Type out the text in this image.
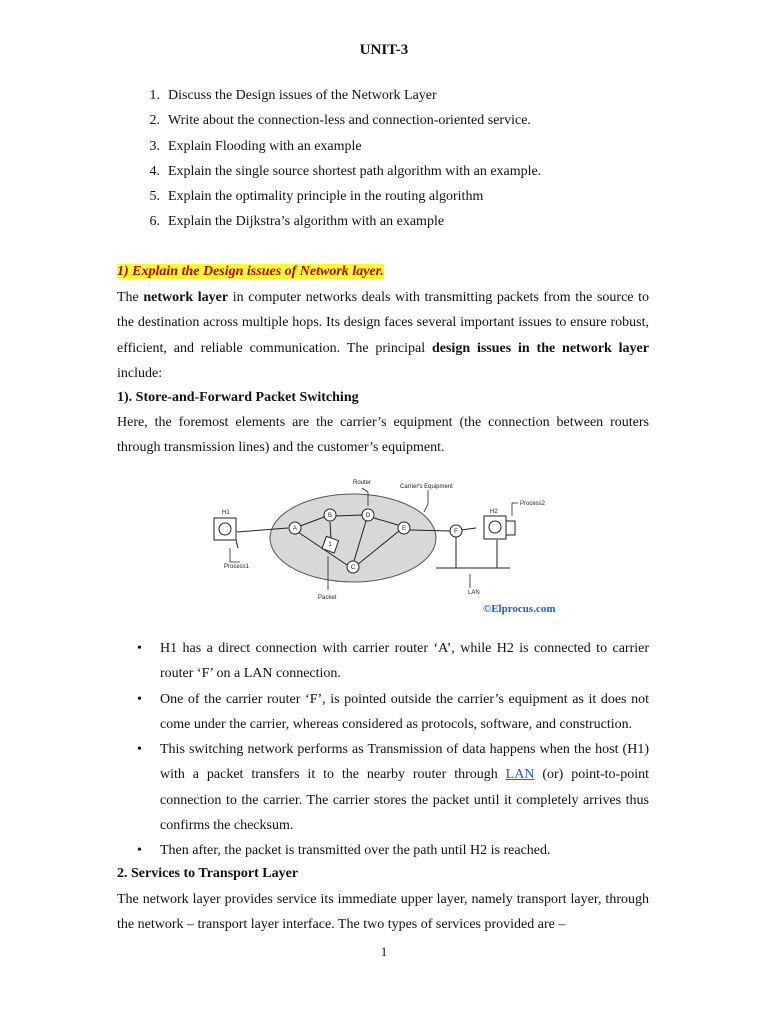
UNIT-3
1. Discuss the Design issues of the Network Layer
2. Write about the connection-less and connection-oriented service.
3. Explain Flooding with an example
4. Explain the single source shortest path algorithm with an example.
5. Explain the optimality principle in the routing algorithm
6. Explain the Dijkstra’s algorithm with an example
1) Explain the Design issues of Network layer.
The network layer in computer networks deals with transmitting packets from the source to the destination across multiple hops. Its design faces several important issues to ensure robust, efficient, and reliable communication. The principal design issues in the network layer include:
1). Store-and-Forward Packet Switching
Here, the foremost elements are the carrier’s equipment (the connection between routers through transmission lines) and the customer’s equipment.
A
B	D
E
C
F
1
Router
Carrier's Equipment
H1	H2
Process1
Process2
Packet
LAN
©Elprocus.com
• H1 has a direct connection with carrier router ‘A’, while H2 is connected to carrier router ‘F’ on a LAN connection.
• One of the carrier router ‘F’, is pointed outside the carrier’s equipment as it does not come under the carrier, whereas considered as protocols, software, and construction.
• This switching network performs as Transmission of data happens when the host (H1) with a packet transfers it to the nearby router through LAN (or) point-to-point connection to the carrier. The carrier stores the packet until it completely arrives thus confirms the checksum.
• Then after, the packet is transmitted over the path until H2 is reached.
2. Services to Transport Layer
The network layer provides service its immediate upper layer, namely transport layer, through the network – transport layer interface. The two types of services provided are –
1
